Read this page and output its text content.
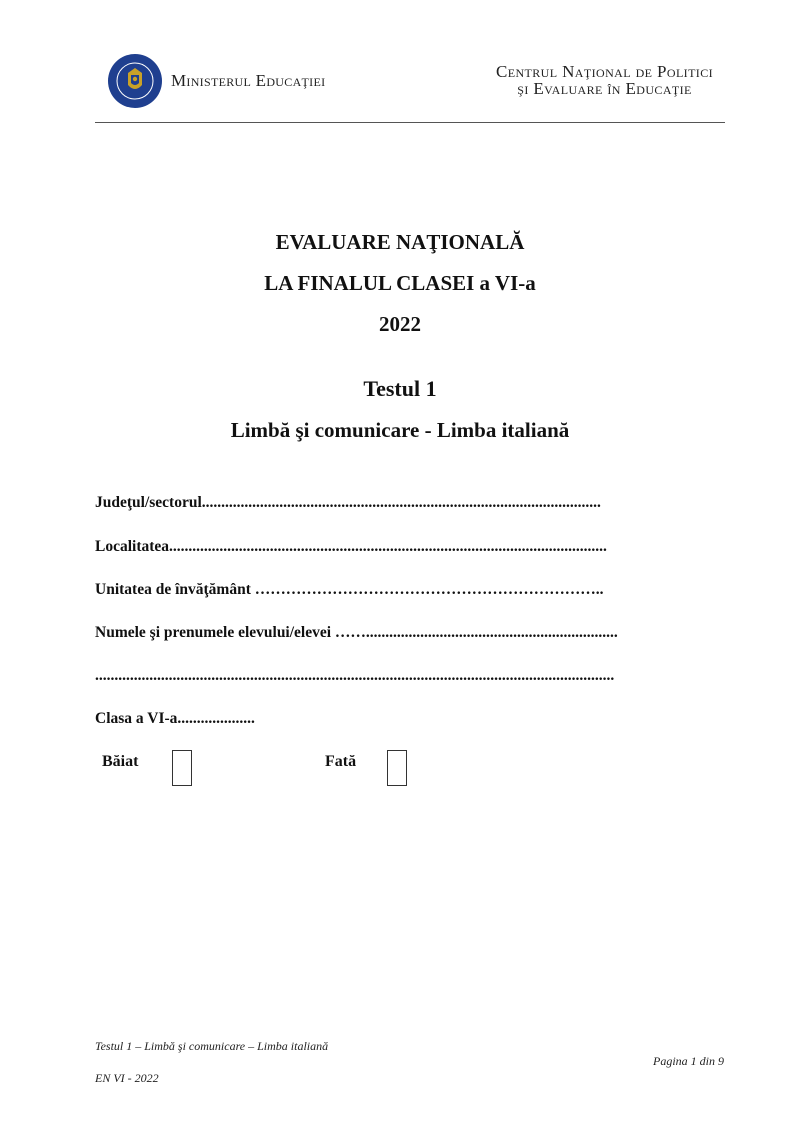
Ministerul Educaţiei	Centrul Naţional de Politici
şi Evaluare în Educaţie
EVALUARE NAŢIONALĂ
LA FINALUL CLASEI a VI-a
2022
Testul 1
Limbă şi comunicare - Limba italiană
Judeţul/sectorul.......................................................................................................
Localitatea.................................................................................................................
Unitatea de învăţământ …………………………………………………………..
Numele şi prenumele elevului/elevei …….................................................................
......................................................................................................................................
Clasa a VI-a....................
Băiat	Fată
Testul 1 – Limbă şi comunicare – Limba italiană
Pagina 1 din 9
EN VI - 2022
